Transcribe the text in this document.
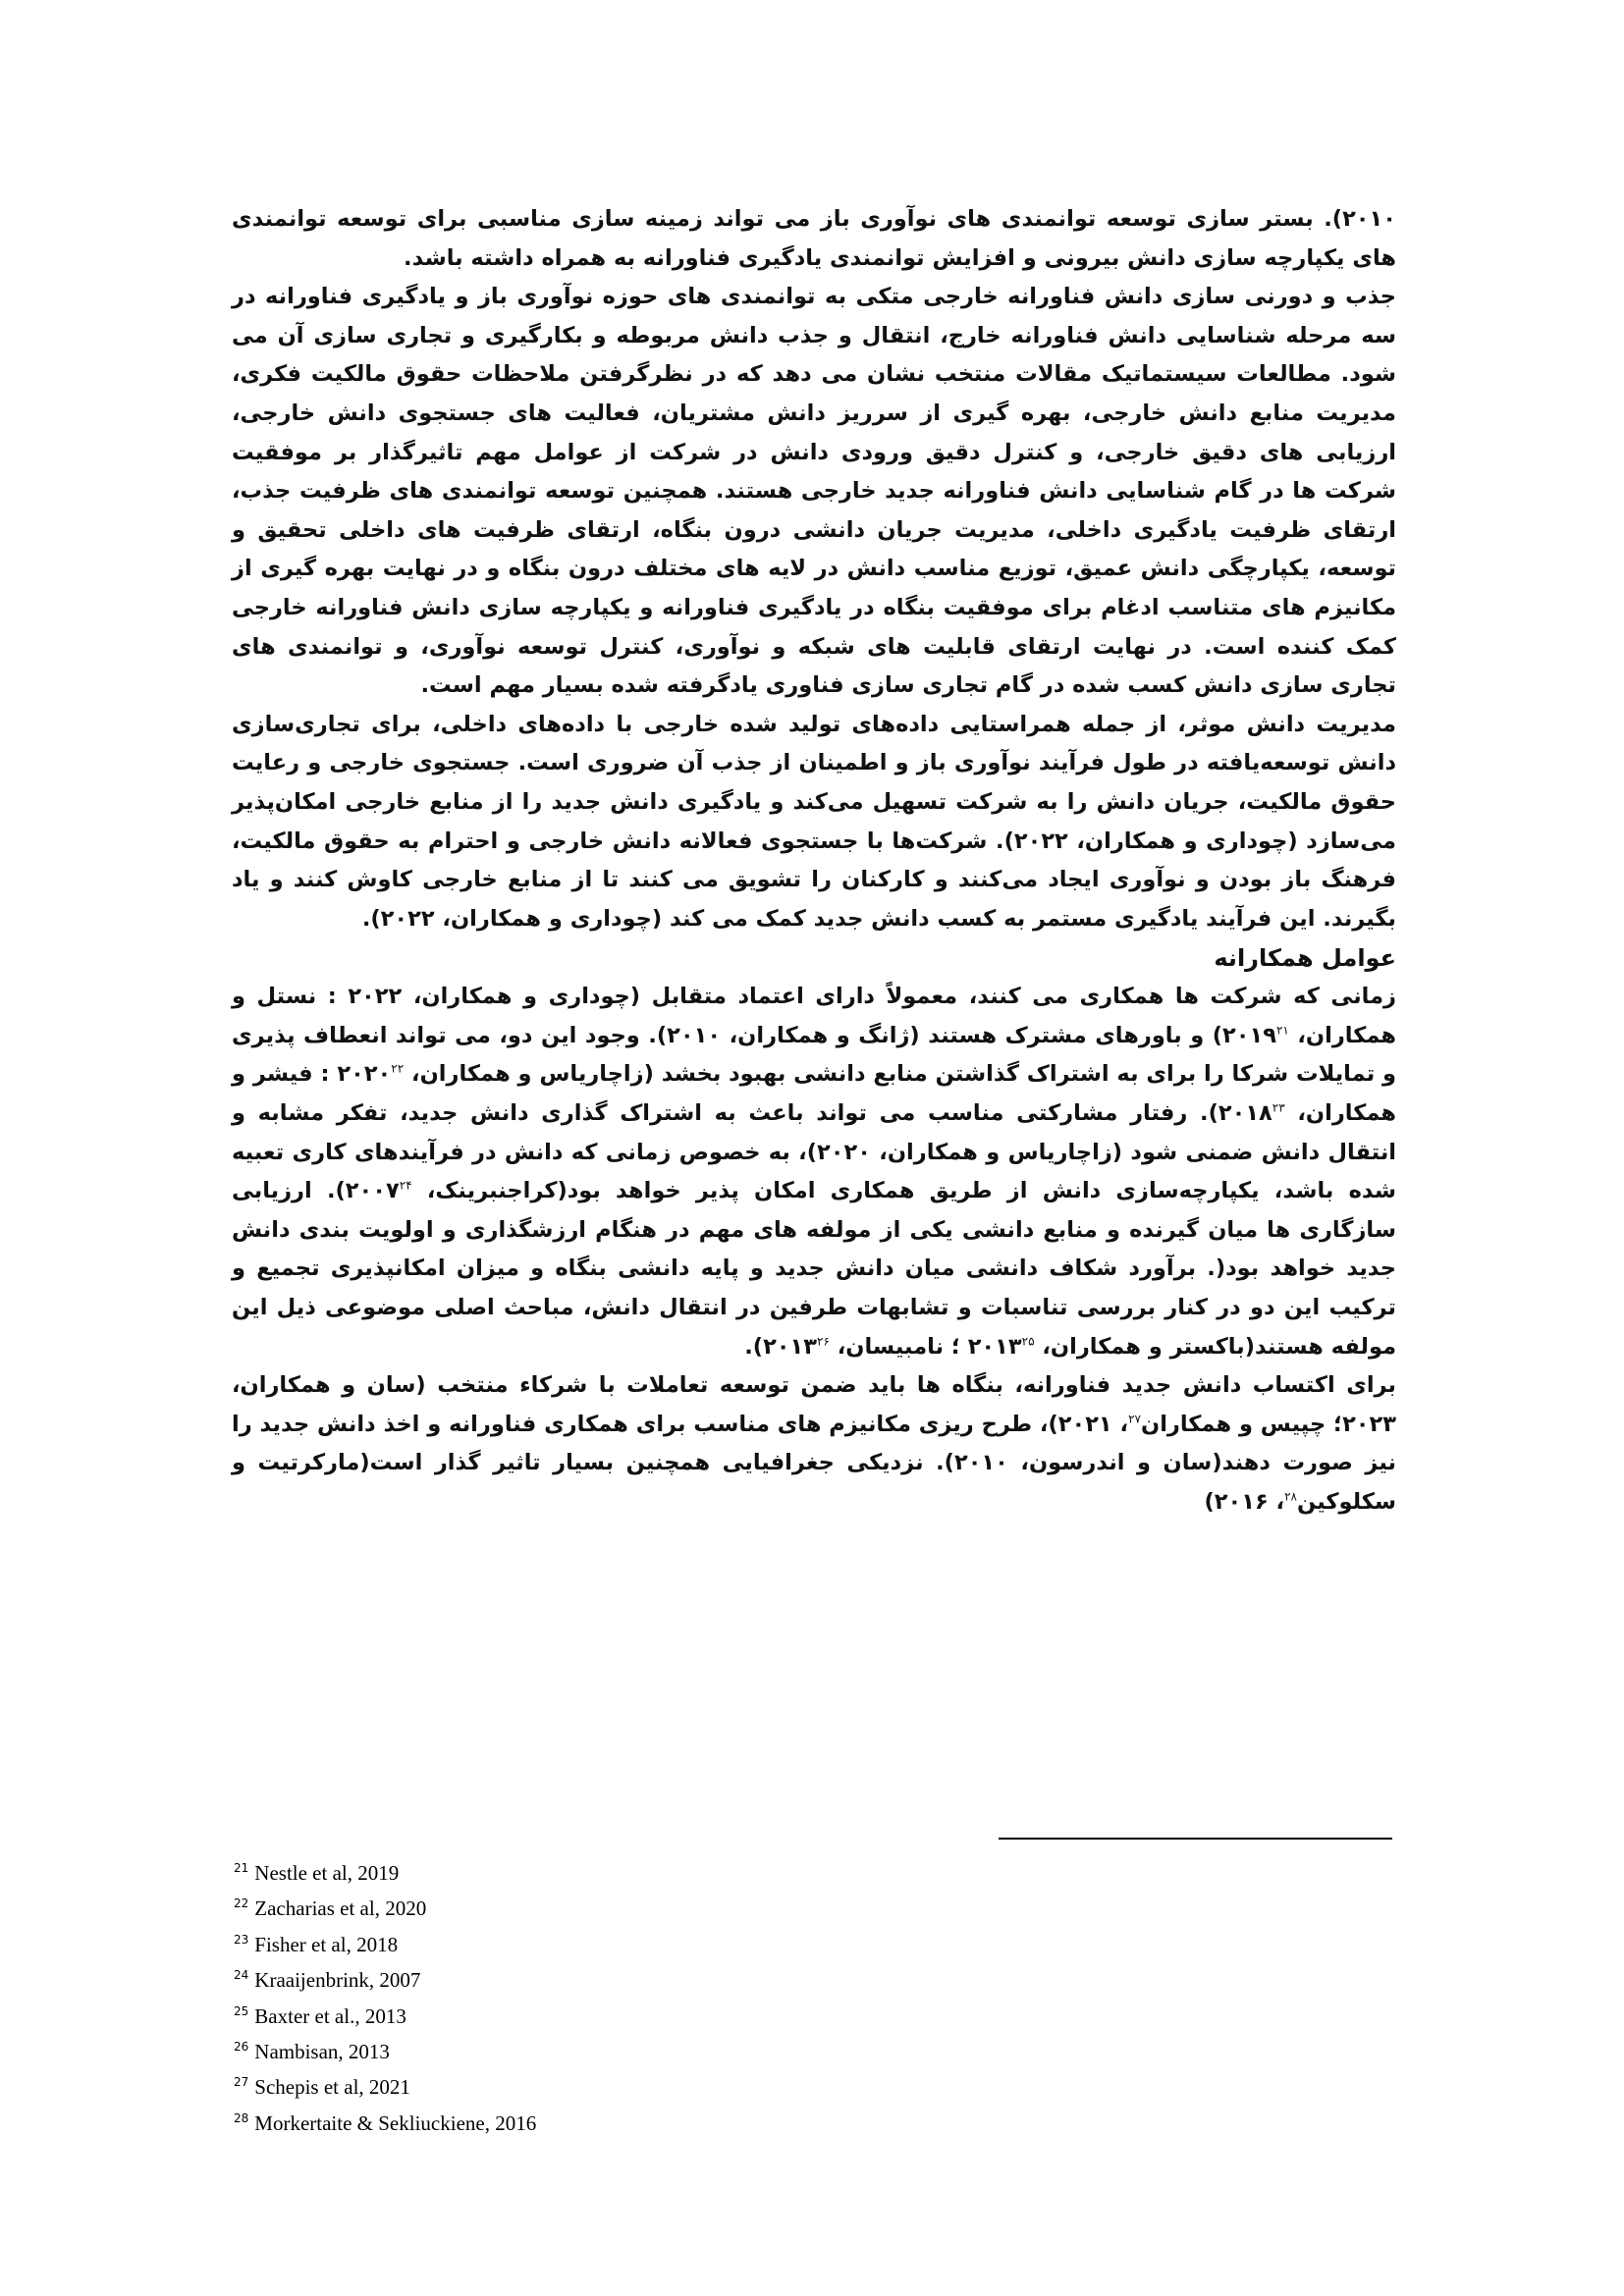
۲۰۱۰). بستر سازی توسعه توانمندی های نوآوری باز می تواند زمینه سازی مناسبی برای توسعه توانمندی های یکپارچه سازی دانش بیرونی و افزایش توانمندی یادگیری فناورانه به همراه داشته باشد.

جذب و دورنی سازی دانش فناورانه خارجی متکی به توانمندی های حوزه نوآوری باز و یادگیری فناورانه در سه مرحله شناسایی دانش فناورانه خارج، انتقال و جذب دانش مربوطه و بکارگیری و تجاری سازی آن می شود. مطالعات سیستماتیک مقالات منتخب نشان می دهد که در نظرگرفتن ملاحظات حقوق مالکیت فکری، مدیریت منابع دانش خارجی، بهره گیری از سرریز دانش مشتریان، فعالیت های جستجوی دانش خارجی، ارزیابی های دقیق خارجی، و کنترل دقیق ورودی دانش در شرکت از عوامل مهم تاثیرگذار بر موفقیت شرکت ها در گام شناسایی دانش فناورانه جدید خارجی هستند. همچنین توسعه توانمندی های ظرفیت جذب، ارتقای ظرفیت یادگیری داخلی، مدیریت جریان دانشی درون بنگاه، ارتقای ظرفیت های داخلی تحقیق و توسعه، یکپارچگی دانش عمیق، توزیع مناسب دانش در لایه های مختلف درون بنگاه و در نهایت بهره گیری از مکانیزم های متناسب ادغام برای موفقیت بنگاه در یادگیری فناورانه و یکپارچه سازی دانش فناورانه خارجی کمک کننده است. در نهایت ارتقای قابلیت های شبکه و نوآوری، کنترل توسعه نوآوری، و توانمندی های تجاری سازی دانش کسب شده در گام تجاری سازی فناوری یادگرفته شده بسیار مهم است.

مدیریت دانش موثر، از جمله همراستایی داده‌های تولید شده خارجی با داده‌های داخلی، برای تجاری‌سازی دانش توسعه‌یافته در طول فرآیند نوآوری باز و اطمینان از جذب آن ضروری است. جستجوی خارجی و رعایت حقوق مالکیت، جریان دانش را به شرکت تسهیل می‌کند و یادگیری دانش جدید را از منابع خارجی امکان‌پذیر می‌سازد (چوداری و همکاران، ۲۰۲۲). شرکت‌ها با جستجوی فعالانه دانش خارجی و احترام به حقوق مالکیت، فرهنگ باز بودن و نوآوری ایجاد می‌کنند و کارکنان را تشویق می کنند تا از منابع خارجی کاوش کنند و یاد بگیرند. این فرآیند یادگیری مستمر به کسب دانش جدید کمک می کند (چوداری و همکاران، ۲۰۲۲).

عوامل همکارانه

زمانی که شرکت ها همکاری می کنند، معمولاً دارای اعتماد متقابل (چوداری و همکاران، ۲۰۲۲ : نستل و همکاران، ۲۰۱۹$^{۲۱}$) و باورهای مشترک هستند (ژانگ و همکاران، ۲۰۱۰). وجود این دو، می تواند انعطاف پذیری و تمایلات شرکا را برای به اشتراک گذاشتن منابع دانشی بهبود بخشد (زاچاریاس و همکاران، ۲۰۲۰$^{۲۲}$ : فیشر و همکاران، ۲۰۱۸$^{۲۳}$). رفتار مشارکتی مناسب می تواند باعث به اشتراک گذاری دانش جدید، تفکر مشابه و انتقال دانش ضمنی شود (زاچاریاس و همکاران، ۲۰۲۰)، به خصوص زمانی که دانش در فرآیندهای کاری تعبیه شده باشد، یکپارچه‌سازی دانش از طریق همکاری امکان پذیر خواهد بود(کراجنبرینک، ۲۰۰۷$^{۲۴}$). ارزیابی سازگاری ها میان گیرنده و منابع دانشی یکی از مولفه های مهم در هنگام ارزشگذاری و اولویت بندی دانش جدید خواهد بود(. برآورد شکاف دانشی میان دانش جدید و پایه دانشی بنگاه و میزان امکانپذیری تجمیع و ترکیب این دو در کنار بررسی تناسبات و تشابهات طرفین در انتقال دانش، مباحث اصلی موضوعی ذیل این مولفه هستند(باکستر و همکاران، ۲۰۱۳$^{۲۵}$ ؛ نامبیسان، ۲۰۱۳$^{۲۶}$).

برای اکتساب دانش جدید فناورانه، بنگاه ها باید ضمن توسعه تعاملات با شرکاء منتخب (سان و همکاران، ۲۰۲۳؛ چپیس و همکاران$^{۲۷}$، ۲۰۲۱)، طرح ریزی مکانیزم های مناسب برای همکاری فناورانه و اخذ دانش جدید را نیز صورت دهند(سان و اندرسون، ۲۰۱۰). نزدیکی جغرافیایی همچنین بسیار تاثیر گذار است(مارکرتیت و سکلوکین$^{۲۸}$، ۲۰۱۶)

$^{21}$ Nestle et al, 2019
$^{22}$ Zacharias et al, 2020
$^{23}$ Fisher et al, 2018
$^{24}$ Kraaijenbrink, 2007
$^{25}$ Baxter et al., 2013
$^{26}$ Nambisan, 2013
$^{27}$ Schepis et al, 2021
$^{28}$ Morkertaite & Sekliuckiene, 2016
